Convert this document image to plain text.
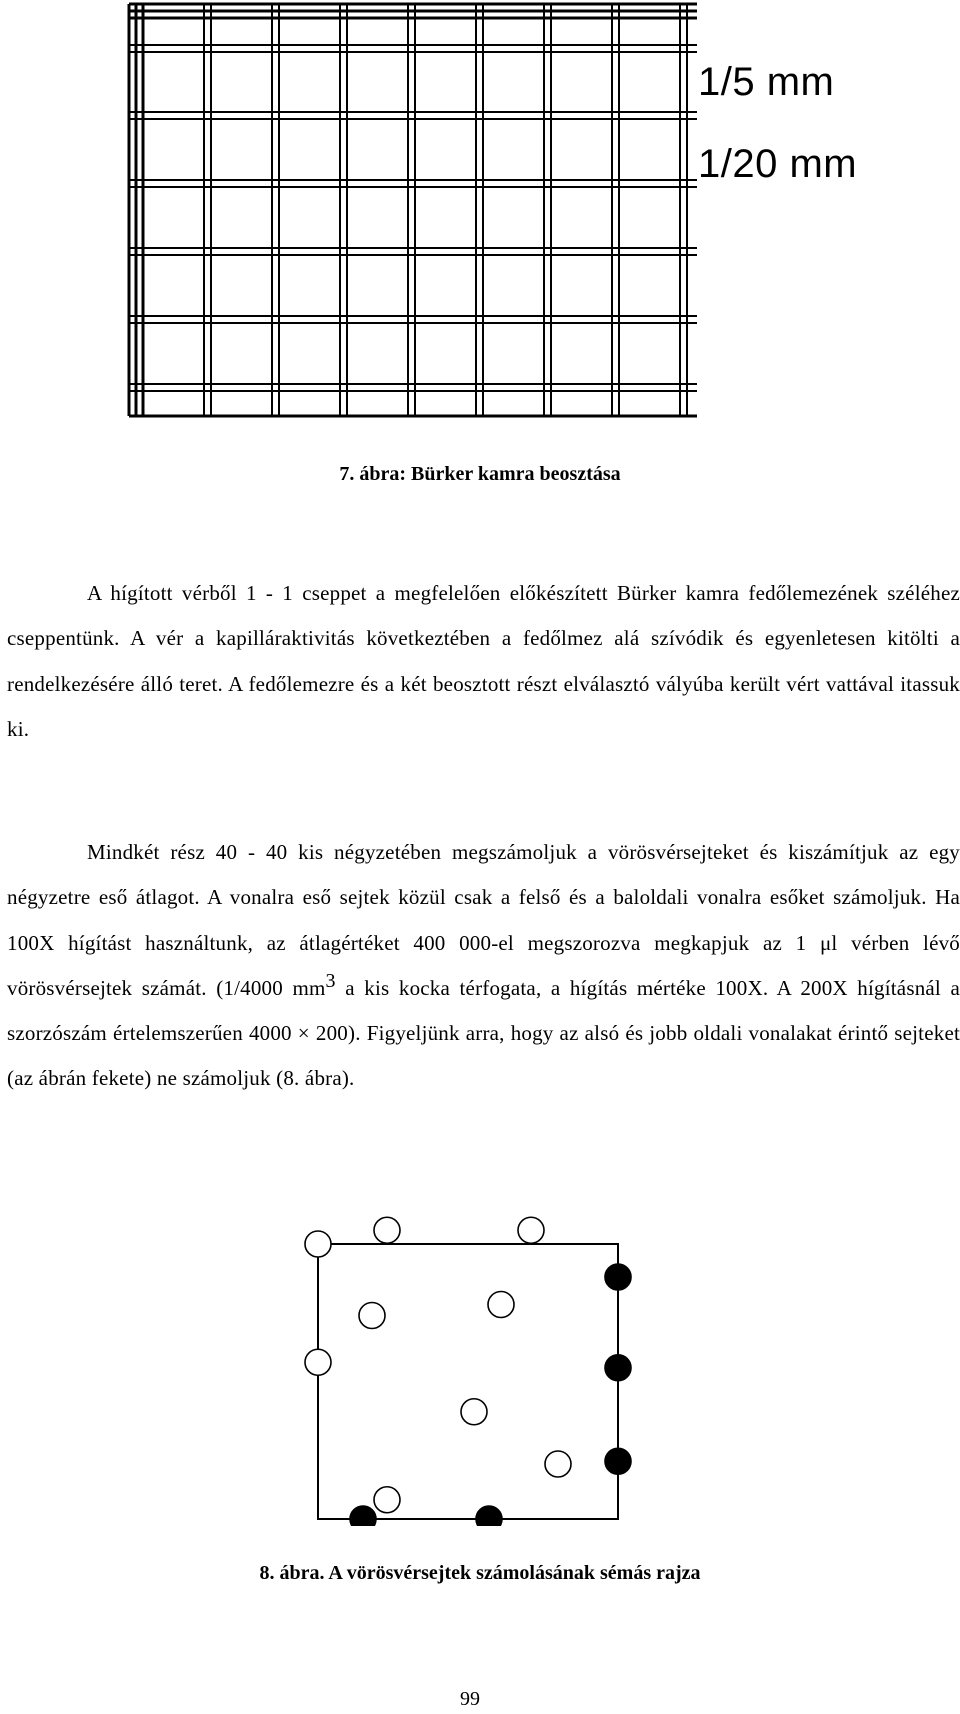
1/5 mm
1/20 mm
7. ábra: Bürker kamra beosztása

A hígított vérből 1 - 1 cseppet a megfelelően előkészített Bürker kamra fedőlemezének széléhez cseppentünk. A vér a kapilláraktivitás következtében a fedőlmez alá szívódik és egyenletesen kitölti a rendelkezésére álló teret. A fedőlemezre és a két beosztott részt elválasztó vályúba került vért vattával itassuk ki.

Mindkét rész 40 - 40 kis négyzetében megszámoljuk a vörösvérsejteket és kiszámítjuk az egy négyzetre eső átlagot. A vonalra eső sejtek közül csak a felső és a baloldali vonalra esőket számoljuk. Ha 100X hígítást használtunk, az átlagértéket 400 000-el megszorozva megkapjuk az 1 μl vérben lévő vörösvérsejtek számát. (1/4000 $mm^3$ a kis kocka térfogata, a hígítás mértéke 100X. A 200X hígításnál a szorzószám értelemszerűen 4000 × 200). Figyeljünk arra, hogy az alsó és jobb oldali vonalakat érintő sejteket (az ábrán fekete) ne számoljuk (8. ábra).

8. ábra. A vörösvérsejtek számolásának sémás rajza
99
